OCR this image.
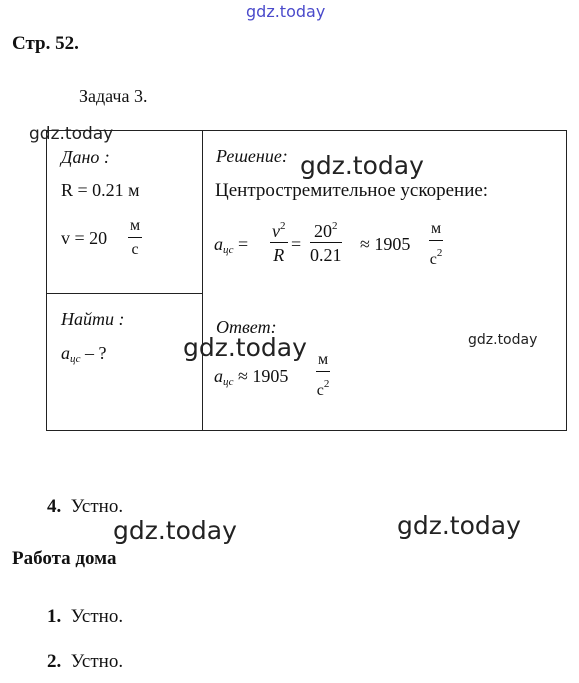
gdz.today
Стр. 52.
Задача 3.
Дано :
R = 0.21 м
v = 20
м
с
Найти :
$a_{цс}$ – ?
Решение:
Центростремительное ускорение:
$a_{цс} = \frac{v^2}{R} = \frac{20^2}{0.21} \approx 1905$
м
$с^2$
Ответ:
$a_{цс} \approx 1905$
м
$с^2$
4. Устно.
Работа дома
1. Устно.
2. Устно.
gdz.today
gdz.today
gdz.today
gdz.today
gdz.today	gdz.today
